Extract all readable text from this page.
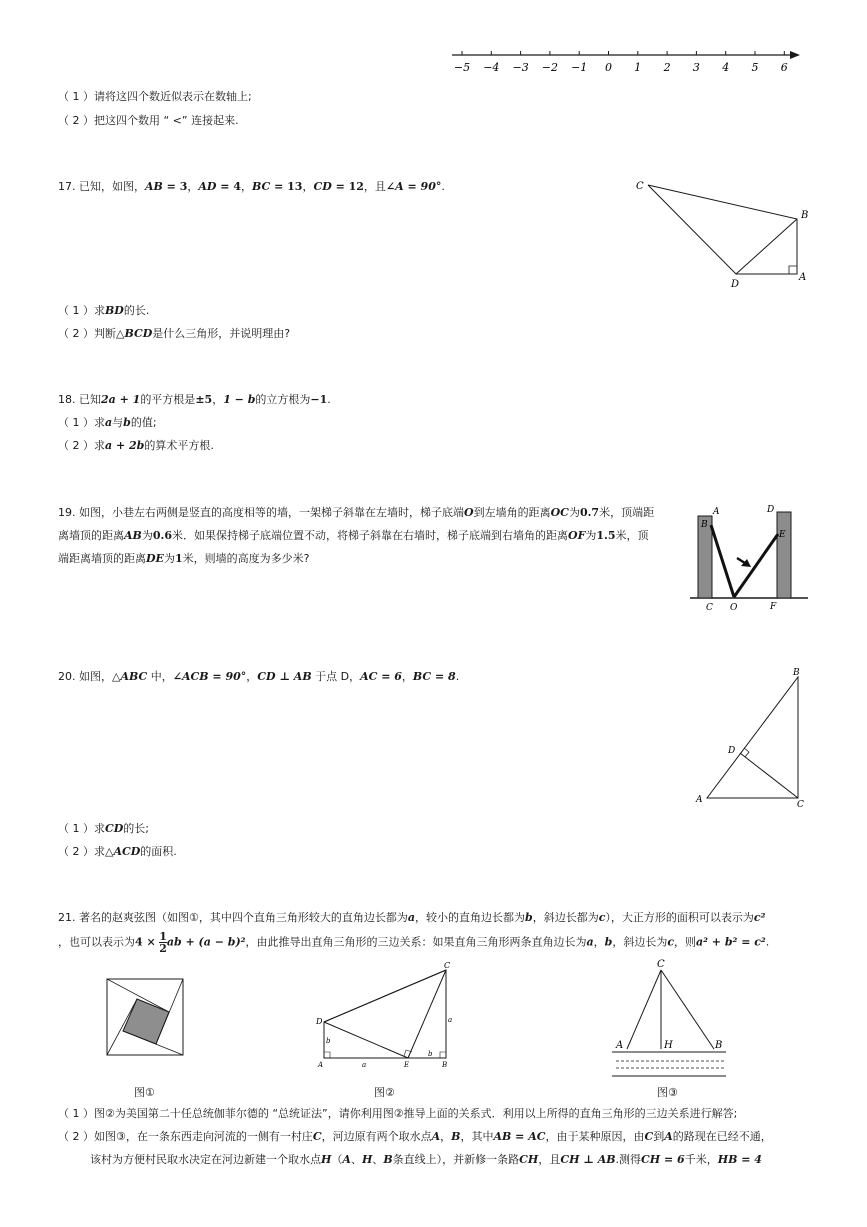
−5 −4 −3 −2 −1 0 1 2 3 4 5 6
（ 1 ）请将这四个数近似表示在数轴上;
（ 2 ）把这四个数用 “ <” 连接起来.
17. 已知，如图，AB = 3，AD = 4，BC = 13，CD = 12，且∠A = 90°.	C
B
D
A
（ 1 ）求BD的长.
（ 2 ）判断△BCD是什么三角形，并说明理由?
18. 已知2a + 1的平方根是±5，1 − b的立方根为−1.
（ 1 ）求a与b的值;
（ 2 ）求a + 2b的算术平方根.
19. 如图，小巷左右两侧是竖直的高度相等的墙，一架梯子斜靠在左墙时，梯子底端O到左墙角的距离OC为0.7米，顶端距
离墙顶的距离AB为0.6米．如果保持梯子底端位置不动，将梯子斜靠在右墙时，梯子底端到右墙角的距离OF为1.5米，顶
端距离墙顶的距离DE为1米，则墙的高度为多少米?
A
B
D
E
C O	F
20. 如图，△ABC 中，∠ACB = 90°，CD ⊥ AB 于点 D，AC = 6，BC = 8.	B
D
A	C
（ 1 ）求CD的长;
（ 2 ）求△ACD的面积.
21. 著名的赵爽弦图（如图①，其中四个直角三角形较大的直角边长都为a，较小的直角边长都为b，斜边长都为c），大正方形的面积可以表示为c²
，也可以表示为$4 \times \frac{1}{2}$ ab + (a − b)²，由此推导出直角三角形的三边关系：如果直角三角形两条直角边长为a，b，斜边长为c，则a² + b² = c².
C
D
A	E	B
a
b
a
b
C
A	H	B
图①	图②	图③
（ 1 ）图②为美国第二十任总统伽菲尔德的 “总统证法”，请你利用图②推导上面的关系式．利用以上所得的直角三角形的三边关系进行解答;
（ 2 ）如图③，在一条东西走向河流的一侧有一村庄C，河边原有两个取水点A，B，其中AB = AC，由于某种原因，由C到A的路现在已经不通，
该村为方便村民取水决定在河边新建一个取水点H（A、H、B条直线上），并新修一条路CH，且CH ⊥ AB.测得CH = 6千米，HB = 4
